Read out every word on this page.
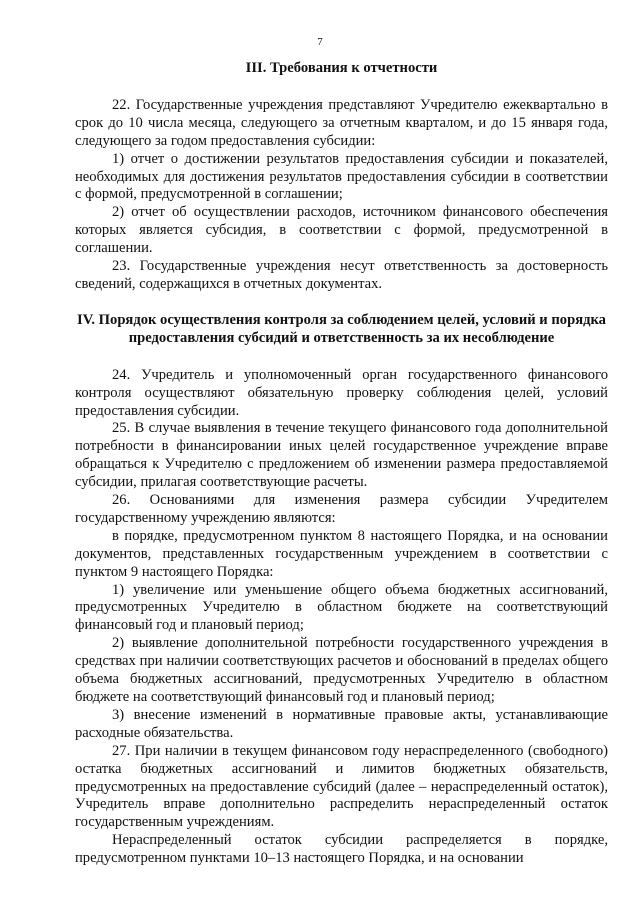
7
III. Требования к отчетности

22. Государственные учреждения представляют Учредителю ежеквартально в срок до 10 числа месяца, следующего за отчетным кварталом, и до 15 января года, следующего за годом предоставления субсидии:

1) отчет о достижении результатов предоставления субсидии и показателей, необходимых для достижения результатов предоставления субсидии в соответствии с формой, предусмотренной в соглашении;

2) отчет об осуществлении расходов, источником финансового обеспечения которых является субсидия, в соответствии с формой, предусмотренной в соглашении.

23. Государственные учреждения несут ответственность за достоверность сведений, содержащихся в отчетных документах.

IV. Порядок осуществления контроля за соблюдением целей, условий и порядка предоставления субсидий и ответственность за их несоблюдение

24. Учредитель и уполномоченный орган государственного финансового контроля осуществляют обязательную проверку соблюдения целей, условий предоставления субсидии.

25. В случае выявления в течение текущего финансового года дополнительной потребности в финансировании иных целей государственное учреждение вправе обращаться к Учредителю с предложением об изменении размера предоставляемой субсидии, прилагая соответствующие расчеты.

26. Основаниями для изменения размера субсидии Учредителем государственному учреждению являются:

в порядке, предусмотренном пунктом 8 настоящего Порядка, и на основании документов, представленных государственным учреждением в соответствии с пунктом 9 настоящего Порядка:

1) увеличение или уменьшение общего объема бюджетных ассигнований, предусмотренных Учредителю в областном бюджете на соответствующий финансовый год и плановый период;

2) выявление дополнительной потребности государственного учреждения в средствах при наличии соответствующих расчетов и обоснований в пределах общего объема бюджетных ассигнований, предусмотренных Учредителю в областном бюджете на соответствующий финансовый год и плановый период;

3) внесение изменений в нормативные правовые акты, устанавливающие расходные обязательства.

27. При наличии в текущем финансовом году нераспределенного (свободного) остатка бюджетных ассигнований и лимитов бюджетных обязательств, предусмотренных на предоставление субсидий (далее – нераспределенный остаток), Учредитель вправе дополнительно распределить нераспределенный остаток государственным учреждениям.

Нераспределенный остаток субсидии распределяется в порядке, предусмотренном пунктами 10–13 настоящего Порядка, и на основании
